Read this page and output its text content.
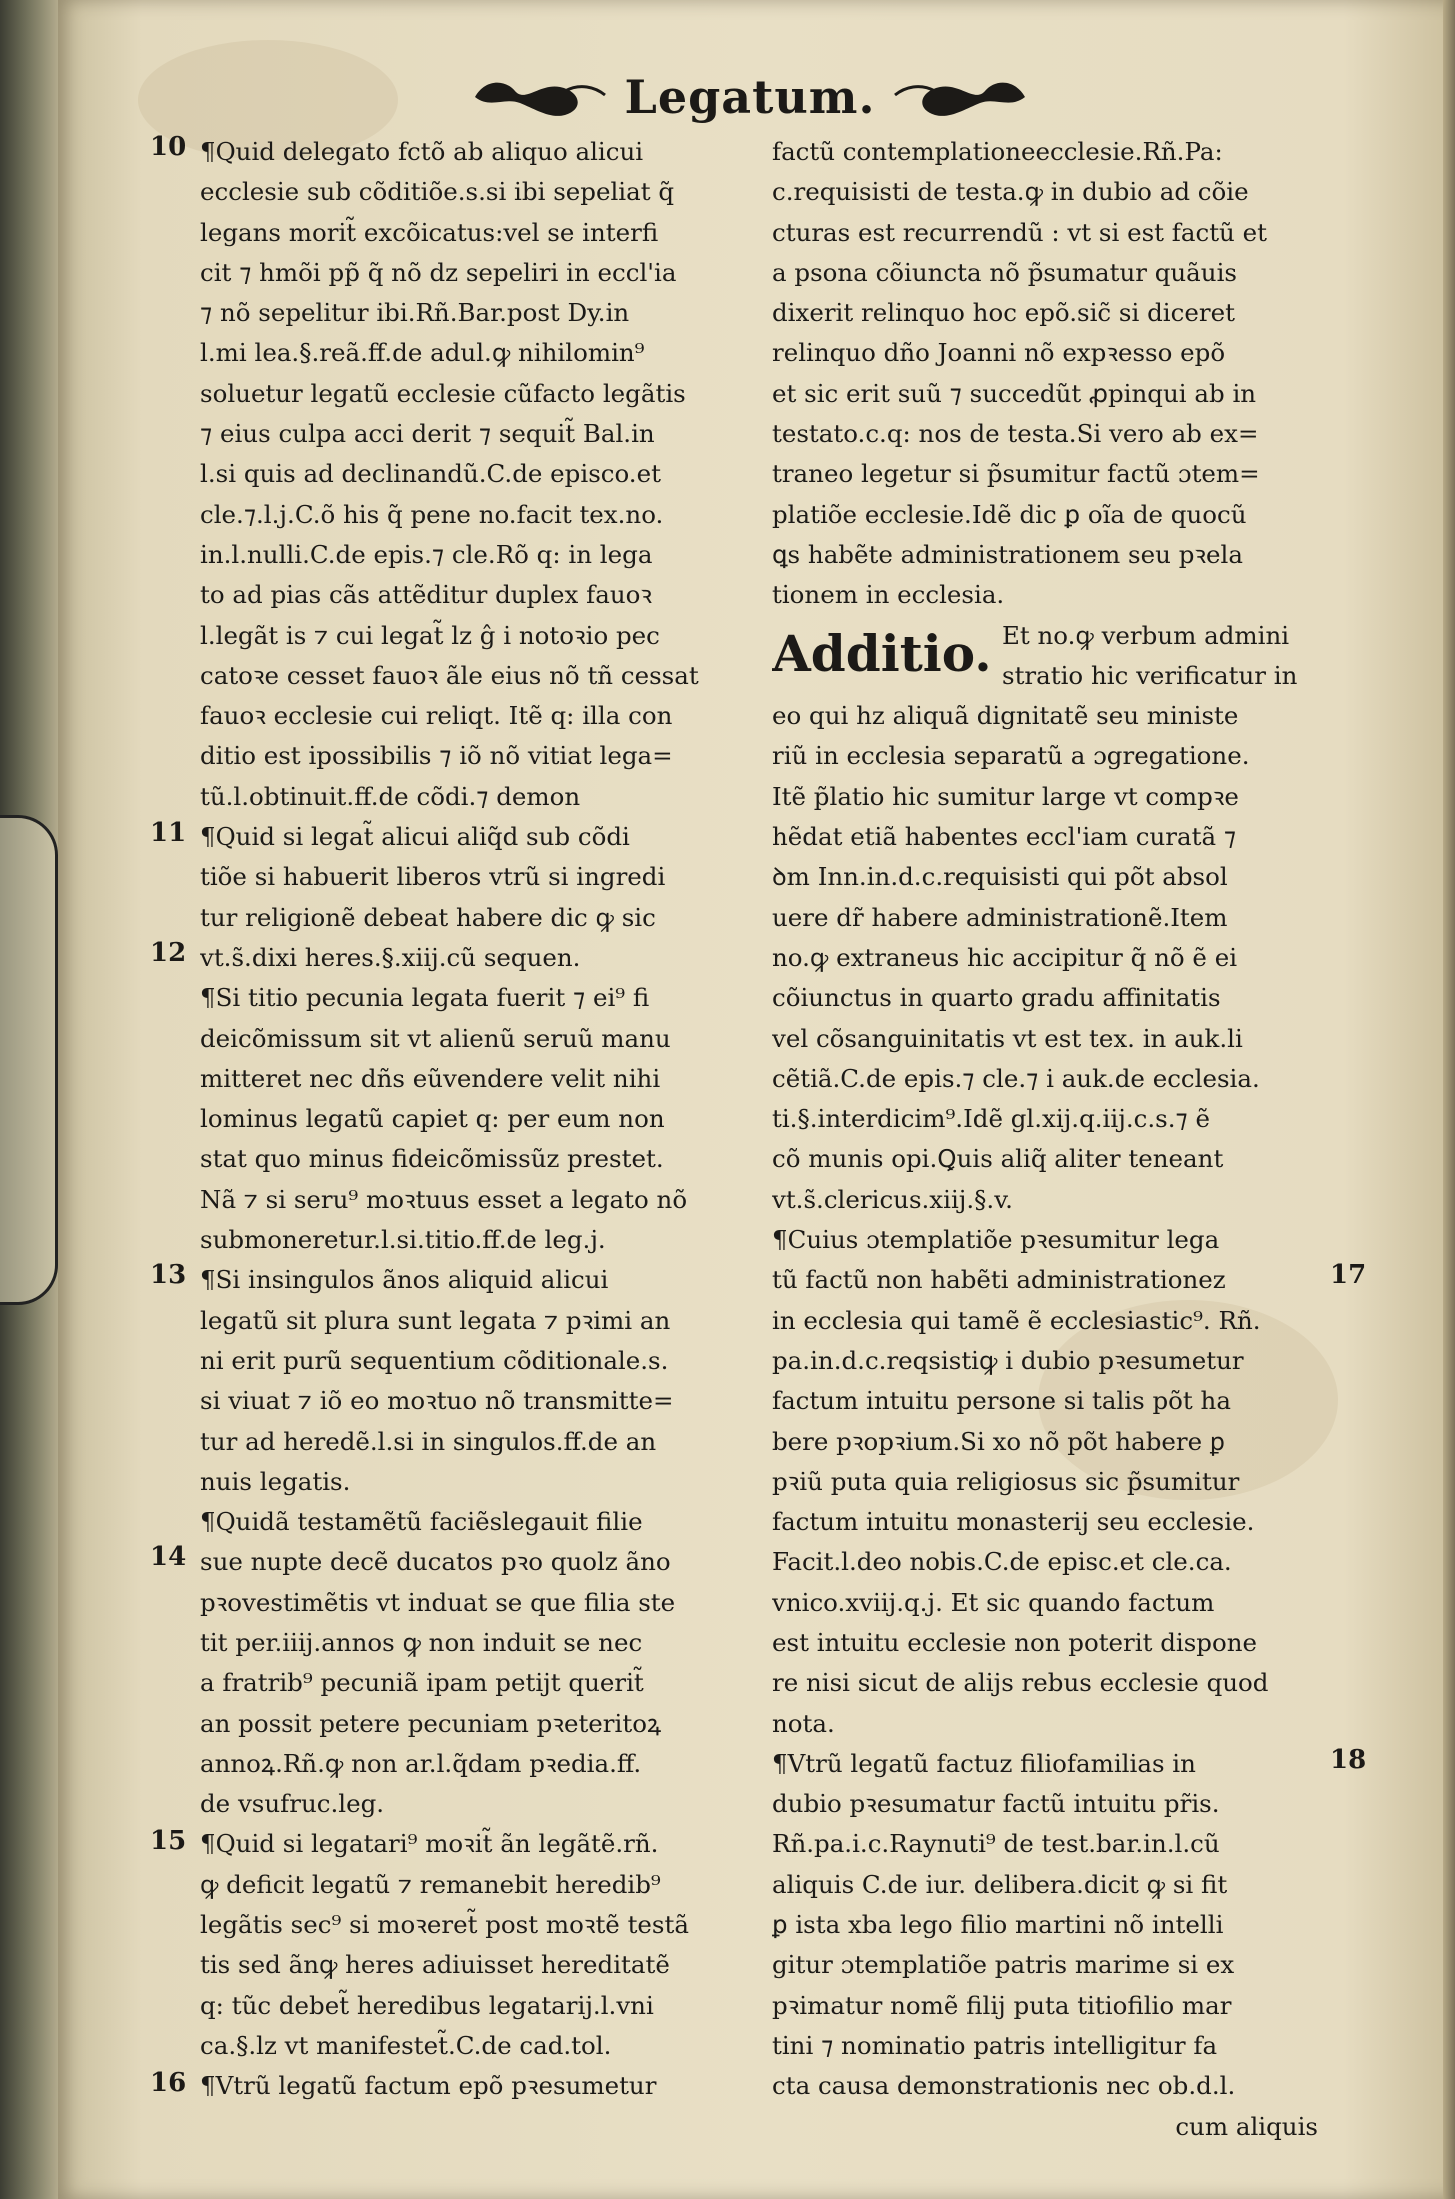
Legatum.
10
11
12
13
14
15
16
17
18
¶Quid delegato fctõ ab aliquo alicui
ecclesie sub cõditiõe.s.si ibi sepeliat q̃
legans morit̃ excõicatus:vel se interfi
cit ⁊ hmõi pp̃ q̃ nõ dz sepeliri in eccl'ia
⁊ nõ sepelitur ibi.Rñ.Bar.post Dy.in
l.mi lea.§.reã.ff.de adul.ꝙ nihilomin⁹
soluetur legatũ ecclesie cũfacto legãtis
⁊ eius culpa acci derit ⁊ sequit̃ Bal.in
l.si quis ad declinandũ.C.de episco.et
cle.⁊.l.j.C.õ his q̃ pene no.facit tex.no.
in.l.nulli.C.de epis.⁊ cle.Rõ q: in lega
to ad pias cãs attẽditur duplex fauoꝛ
l.legãt is ⁊ cui legat̃ lz ĝ i notoꝛio pec
catoꝛe cesset fauoꝛ ãle eius nõ tñ cessat
fauoꝛ ecclesie cui reliqt. Itẽ q: illa con
ditio est ipossibilis ⁊ iõ nõ vitiat lega=
tũ.l.obtinuit.ff.de cõdi.⁊ demon
¶Quid si legat̃ alicui aliq̃d sub cõdi
tiõe si habuerit liberos vtrũ si ingredi
tur religionẽ debeat habere dic ꝙ sic
vt.s̃.dixi heres.§.xiij.cũ sequen.
¶Si titio pecunia legata fuerit ⁊ ei⁹ fi
deicõmissum sit vt alienũ seruũ manu
mitteret nec dñs eũvendere velit nihi
lominus legatũ capiet q: per eum non
stat quo minus fideicõmissũz prestet.
Nã ⁊ si seru⁹ moꝛtuus esset a legato nõ
submoneretur.l.si.titio.ff.de leg.j.
¶Si insingulos ãnos aliquid alicui
legatũ sit plura sunt legata ⁊ pꝛimi an
ni erit purũ sequentium cõditionale.s.
si viuat ⁊ iõ eo moꝛtuo nõ transmitte=
tur ad heredẽ.l.si in singulos.ff.de an
nuis legatis.
¶Quidã testamẽtũ faciẽslegauit filie
sue nupte decẽ ducatos pꝛo quolz ãno
pꝛovestimẽtis vt induat se que filia ste
tit per.iiij.annos ꝙ non induit se nec
a fratrib⁹ pecuniã ipam petijt querit̃
an possit petere pecuniam pꝛeteritoꝝ
annoꝝ.Rñ.ꝙ non ar.l.q̃dam pꝛedia.ff.
de vsufruc.leg.
¶Quid si legatari⁹ moꝛit̃ ãn legãtẽ.rñ.
ꝙ deficit legatũ ⁊ remanebit heredib⁹
legãtis sec⁹ si moꝛeret̃ post moꝛtẽ testã
tis sed ãnꝙ heres adiuisset hereditatẽ
q: tũc debet̃ heredibus legatarij.l.vni
ca.§.lz vt manifestet̃.C.de cad.tol.
¶Vtrũ legatũ factum epõ pꝛesumetur
factũ contemplationeecclesie.Rñ.Pa:
c.requisisti de testa.ꝙ in dubio ad cõie
cturas est recurrendũ : vt si est factũ et
a psona cõiuncta nõ p̃sumatur quãuis
dixerit relinquo hoc epõ.sic̃ si diceret
relinquo dño Joanni nõ expꝛesso epõ
et sic erit suũ ⁊ succedũt ꝓpinqui ab in
testato.c.q: nos de testa.Si vero ab ex=
traneo legetur si p̃sumitur factũ ɔtem=
platiõe ecclesie.Idẽ dic ꝑ oĩa de quocũ
ꝗs habẽte administrationem seu pꝛela
tionem in ecclesia.
Additio. Et no.ꝙ verbum admini
stratio hic verificatur in
eo qui hz aliquã dignitatẽ seu ministe
riũ in ecclesia separatũ a ɔgregatione.
Itẽ p̃latio hic sumitur large vt compꝛe
hẽdat etiã habentes eccl'iam curatã ⁊
ꝺm Inn.in.d.c.requisisti qui põt absol
uere dr̃ habere administrationẽ.Item
no.ꝙ extraneus hic accipitur q̃ nõ ẽ ei
cõiunctus in quarto gradu affinitatis
vel cõsanguinitatis vt est tex. in auk.li
cẽtiã.C.de epis.⁊ cle.⁊ i auk.de ecclesia.
ti.§.interdicim⁹.Idẽ gl.xij.q.iij.c.s.⁊ ẽ
cõ munis opi.Ꝗuis aliq̃ aliter teneant
vt.s̃.clericus.xiij.§.v.
¶Cuius ɔtemplatiõe pꝛesumitur lega
tũ factũ non habẽti administrationez
in ecclesia qui tamẽ ẽ ecclesiastic⁹. Rñ.
pa.in.d.c.reqsistiꝙ i dubio pꝛesumetur
factum intuitu persone si talis põt ha
bere pꝛopꝛium.Si xo nõ põt habere ꝑ
pꝛiũ puta quia religiosus sic p̃sumitur
factum intuitu monasterij seu ecclesie.
Facit.l.deo nobis.C.de episc.et cle.ca.
vnico.xviij.q.j. Et sic quando factum
est intuitu ecclesie non poterit dispone
re nisi sicut de alijs rebus ecclesie quod
nota.
¶Vtrũ legatũ factuz filiofamilias in
dubio pꝛesumatur factũ intuitu pr̃is.
Rñ.pa.i.c.Raynuti⁹ de test.bar.in.l.cũ
aliquis C.de iur. delibera.dicit ꝙ si fit
ꝑ ista xba lego filio martini nõ intelli
gitur ɔtemplatiõe patris marime si ex
pꝛimatur nomẽ filij puta titiofilio mar
tini ⁊ nominatio patris intelligitur fa
cta causa demonstrationis nec ob.d.l.
cum aliquis
